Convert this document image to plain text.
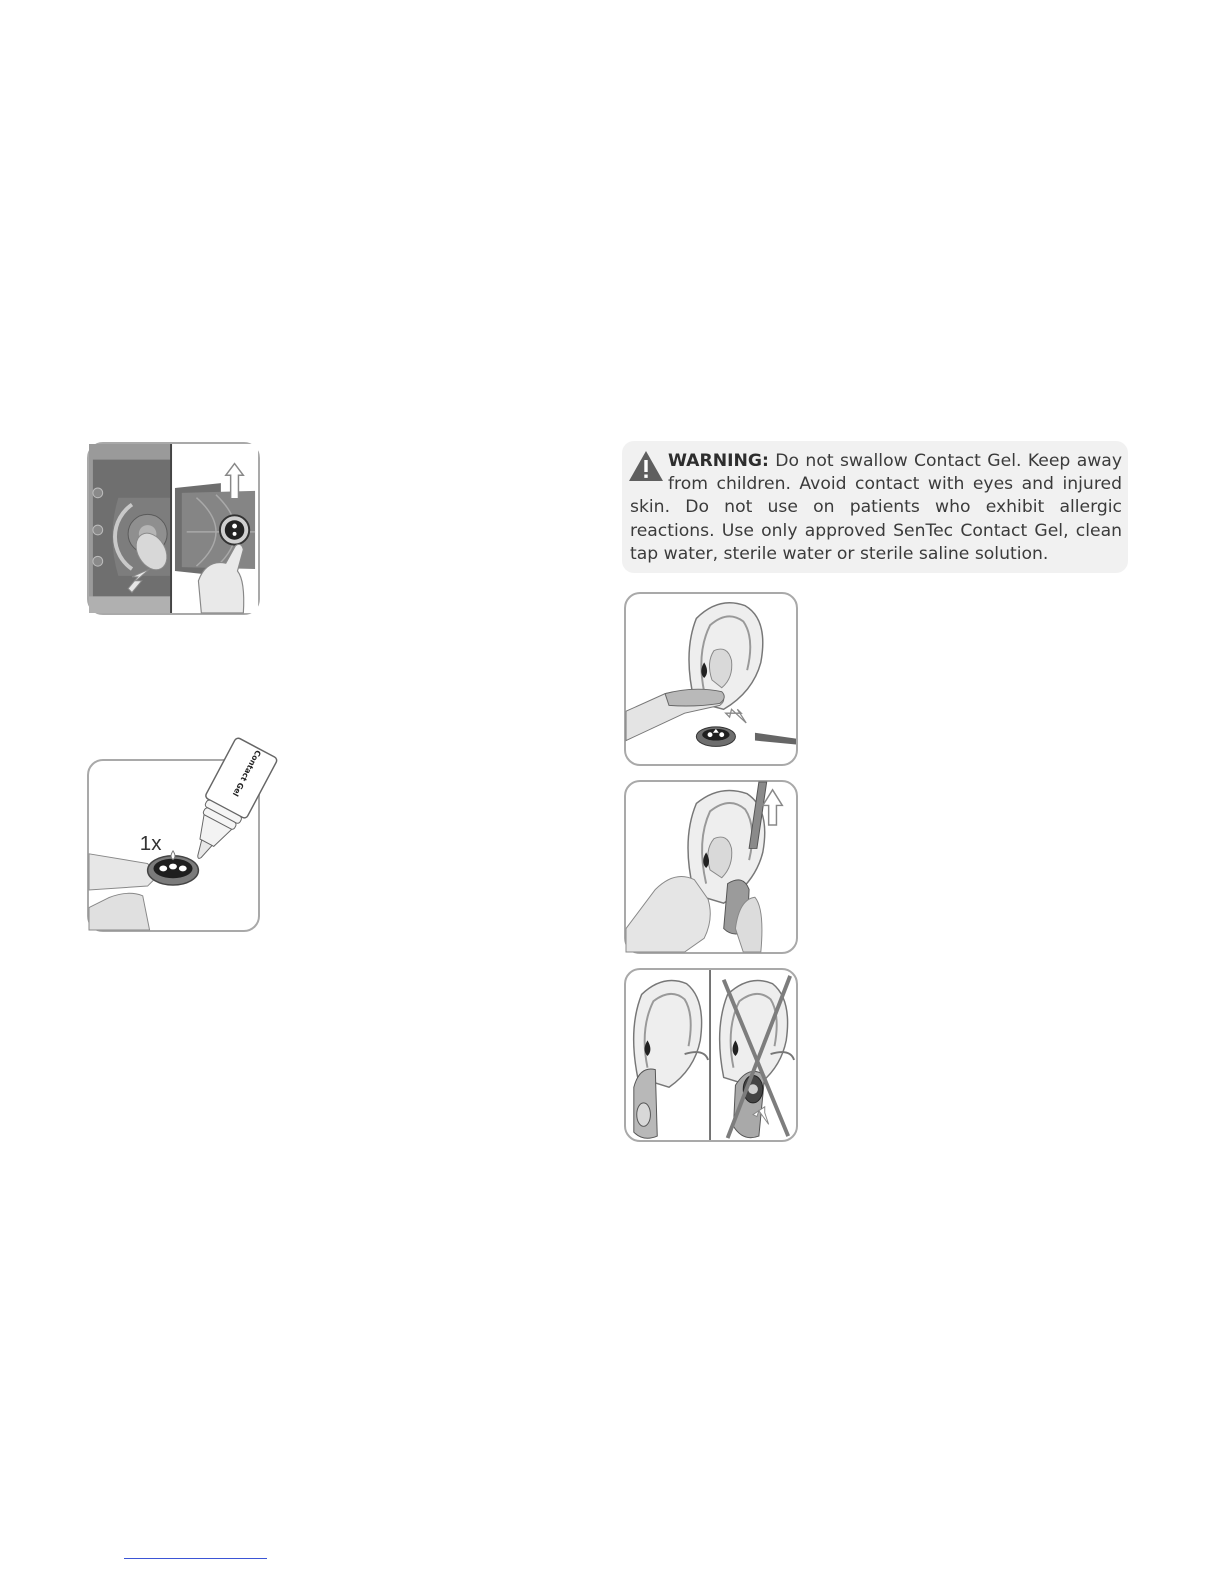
Contact Gel
1x
WARNING: Do not swallow Contact Gel. Keep away from children. Avoid contact with eyes and injured skin. Do not use on patients who exhibit allergic reactions. Use only approved SenTec Contact Gel, clean tap water, sterile water or sterile saline solution.
